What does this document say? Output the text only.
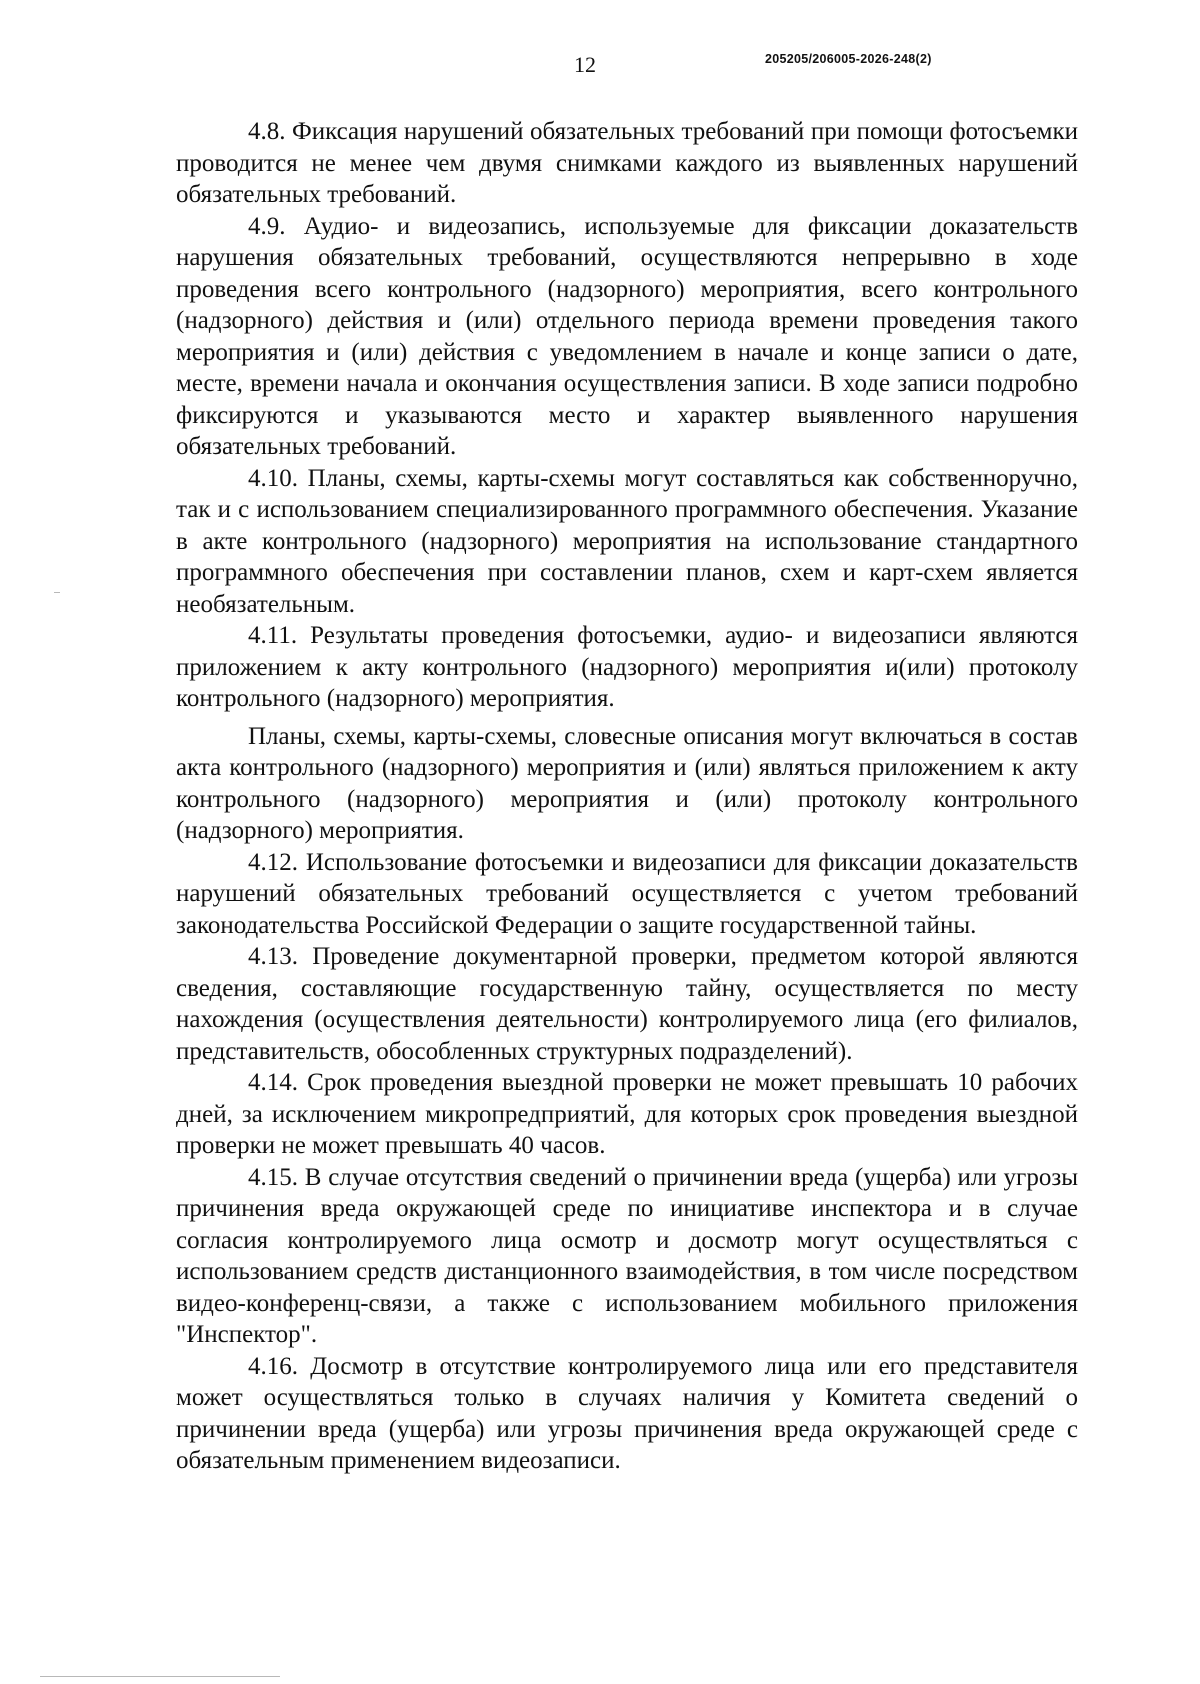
12	205205/206005-2026-248(2)

4.8. Фиксация нарушений обязательных требований при помощи фотосъемки проводится не менее чем двумя снимками каждого из выявленных нарушений обязательных требований.

4.9. Аудио- и видеозапись, используемые для фиксации доказательств нарушения обязательных требований, осуществляются непрерывно в ходе проведения всего контрольного (надзорного) мероприятия, всего контрольного (надзорного) действия и (или) отдельного периода времени проведения такого мероприятия и (или) действия с уведомлением в начале и конце записи о дате, месте, времени начала и окончания осуществления записи. В ходе записи подробно фиксируются и указываются место и характер выявленного нарушения обязательных требований.

4.10. Планы, схемы, карты-схемы могут составляться как собственноручно, так и с использованием специализированного программного обеспечения. Указание в акте контрольного (надзорного) мероприятия на использование стандартного программного обеспечения при составлении планов, схем и карт-схем является необязательным.

4.11. Результаты проведения фотосъемки, аудио- и видеозаписи являются приложением к акту контрольного (надзорного) мероприятия и(или) протоколу контрольного (надзорного) мероприятия.

Планы, схемы, карты-схемы, словесные описания могут включаться в состав акта контрольного (надзорного) мероприятия и (или) являться приложением к акту контрольного (надзорного) мероприятия и (или) протоколу контрольного (надзорного) мероприятия.

4.12. Использование фотосъемки и видеозаписи для фиксации доказательств нарушений обязательных требований осуществляется с учетом требований законодательства Российской Федерации о защите государственной тайны.

4.13. Проведение документарной проверки, предметом которой являются сведения, составляющие государственную тайну, осуществляется по месту нахождения (осуществления деятельности) контролируемого лица (его филиалов, представительств, обособленных структурных подразделений).

4.14. Срок проведения выездной проверки не может превышать 10 рабочих дней, за исключением микропредприятий, для которых срок проведения выездной проверки не может превышать 40 часов.

4.15. В случае отсутствия сведений о причинении вреда (ущерба) или угрозы причинения вреда окружающей среде по инициативе инспектора и в случае согласия контролируемого лица осмотр и досмотр могут осуществляться с использованием средств дистанционного взаимодействия, в том числе посредством видео-конференц-связи, а также с использованием мобильного приложения "Инспектор".

4.16. Досмотр в отсутствие контролируемого лица или его представителя может осуществляться только в случаях наличия у Комитета сведений о причинении вреда (ущерба) или угрозы причинения вреда окружающей среде с обязательным применением видеозаписи.
